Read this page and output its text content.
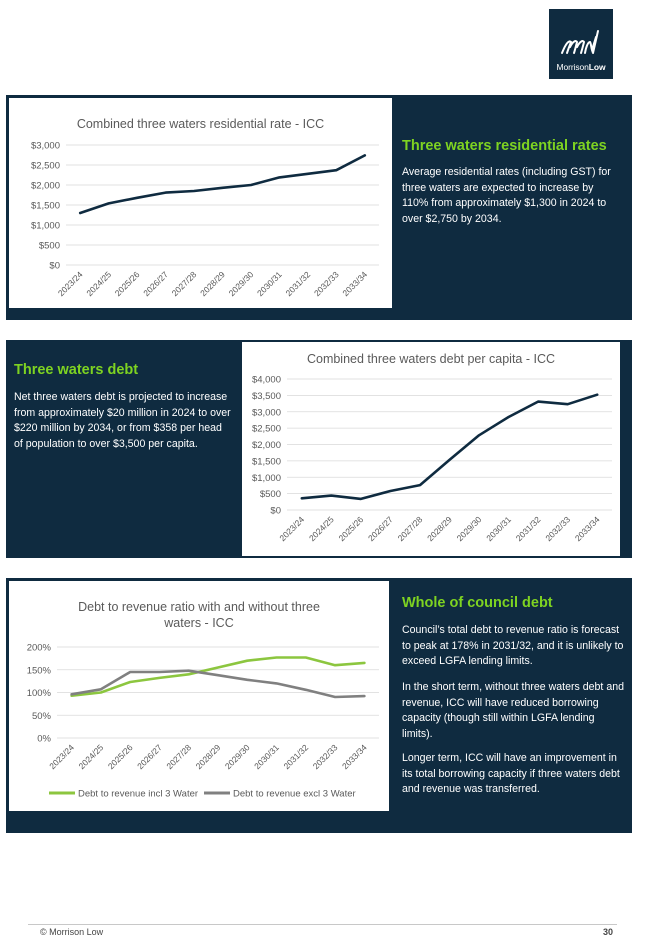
MorrisonLow
Combined three waters residential rate - ICC
$0
$500
$1,000
$1,500
$2,000
$2,500
$3,000
2023/24 2024/25 2025/26 2026/27 2027/28 2028/29 2029/30 2030/31 2031/32 2032/33 2033/34
Three waters residential rates
Average residential rates (including GST) for three waters are expected to increase by 110% from approximately $1,300 in 2024 to over $2,750 by 2034.
Three waters debt
Net three waters debt is projected to increase from approximately $20 million in 2024 to over $220 million by 2034, or from $358 per head of population to over $3,500 per capita.
Combined three waters debt per capita - ICC
$0
$500
$1,000
$1,500
$2,000
$2,500
$3,000
$3,500
$4,000
2023/24 2024/25 2025/26 2026/27 2027/28 2028/29 2029/30 2030/31 2031/32 2032/33 2033/34
Debt to revenue ratio with and without three waters - ICC
0%
50%
100%
150%
200%
2023/24 2024/25 2025/26 2026/27 2027/28 2028/29 2029/30 2030/31 2031/32 2032/33 2033/34
Debt to revenue incl 3 Water	Debt to revenue excl 3 Water
Whole of council debt
Council’s total debt to revenue ratio is forecast to peak at 178% in 2031/32, and it is unlikely to exceed LGFA lending limits.
In the short term, without three waters debt and revenue, ICC will have reduced borrowing capacity (though still within LGFA lending limits).
Longer term, ICC will have an improvement in its total borrowing capacity if three waters debt and revenue was transferred.
© Morrison Low	30
